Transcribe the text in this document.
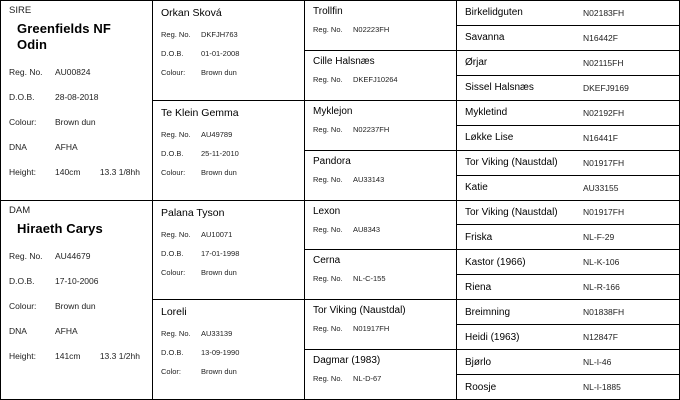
SIRE
Greenfields NF Odin
Reg. No.	AU00824
D.O.B.	28-08-2018
Colour:	Brown dun
DNA	AFHA
Height:	140cm 13.3 1/8hh
DAM
Hiraeth Carys
Reg. No.	AU44679
D.O.B.	17-10-2006
Colour:	Brown dun
DNA	AFHA
Height:	141cm 13.3 1/2hh
Orkan Sková
Reg. No.	DKFJH763
D.O.B.	01-01-2008
Colour:	Brown dun
Te Klein Gemma
Reg. No.	AU49789
D.O.B.	25-11-2010
Colour:	Brown dun
Palana Tyson
Reg. No.	AU10071
D.O.B.	17-01-1998
Colour:	Brown dun
Loreli
Reg. No.	AU33139
D.O.B.	13-09-1990
Color:	Brown dun
Trollfin
Reg. No.	N02223FH
Cille Halsnæs
Reg. No.	DKEFJ10264
Myklejon
Reg. No.	N02237FH
Pandora
Reg. No.	AU33143
Lexon
Reg. No.	AU8343
Cerna
Reg. No.	NL-C-155
Tor Viking (Naustdal)
Reg. No.	N01917FH
Dagmar (1983)
Reg. No.	NL-D-67
Birkelidguten	N02183FH
Savanna	N16442F
Ørjar	N02115FH
Sissel Halsnæs	DKEFJ9169
Mykletind	N02192FH
Løkke Lise	N16441F
Tor Viking (Naustdal)	N01917FH
Katie	AU33155
Tor Viking (Naustdal)	N01917FH
Friska	NL-F-29
Kastor (1966)	NL-K-106
Riena	NL-R-166
Breimning	N01838FH
Heidi (1963)	N12847F
Bjørlo	NL-I-46
Roosje	NL-I-1885
